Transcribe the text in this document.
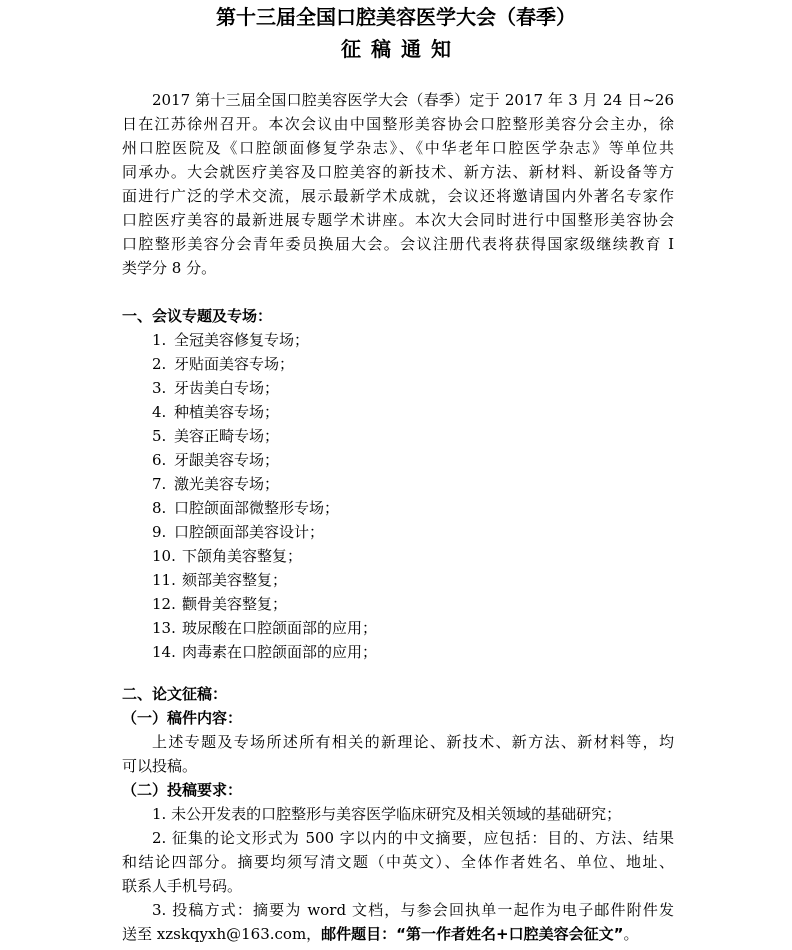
第十三届全国口腔美容医学大会（春季）
征稿通知
2017 第十三届全国口腔美容医学大会（春季）定于 2017 年 3 月 24 日~26
日在江苏徐州召开。本次会议由中国整形美容协会口腔整形美容分会主办，徐
州口腔医院及《口腔颌面修复学杂志》、《中华老年口腔医学杂志》等单位共
同承办。大会就医疗美容及口腔美容的新技术、新方法、新材料、新设备等方
面进行广泛的学术交流，展示最新学术成就，会议还将邀请国内外著名专家作
口腔医疗美容的最新进展专题学术讲座。本次大会同时进行中国整形美容协会
口腔整形美容分会青年委员换届大会。会议注册代表将获得国家级继续教育 I
类学分 8 分。
一、会议专题及专场：
1. 全冠美容修复专场；
2. 牙贴面美容专场；
3. 牙齿美白专场；
4. 种植美容专场；
5. 美容正畸专场；
6. 牙龈美容专场；
7. 激光美容专场；
8. 口腔颌面部微整形专场；
9. 口腔颌面部美容设计；
10. 下颌角美容整复；
11. 颏部美容整复；
12. 颧骨美容整复；
13. 玻尿酸在口腔颌面部的应用；
14. 肉毒素在口腔颌面部的应用；
二、论文征稿：
（一）稿件内容：
上述专题及专场所述所有相关的新理论、新技术、新方法、新材料等，均
可以投稿。
（二）投稿要求：
1. 未公开发表的口腔整形与美容医学临床研究及相关领域的基础研究；
2. 征集的论文形式为 500 字以内的中文摘要，应包括：目的、方法、结果
和结论四部分。摘要均须写清文题（中英文）、全体作者姓名、单位、地址、
联系人手机号码。
3. 投稿方式：摘要为 word 文档，与参会回执单一起作为电子邮件附件发
送至 xzskqyxh@163.com，邮件题目：“第一作者姓名+口腔美容会征文”。
